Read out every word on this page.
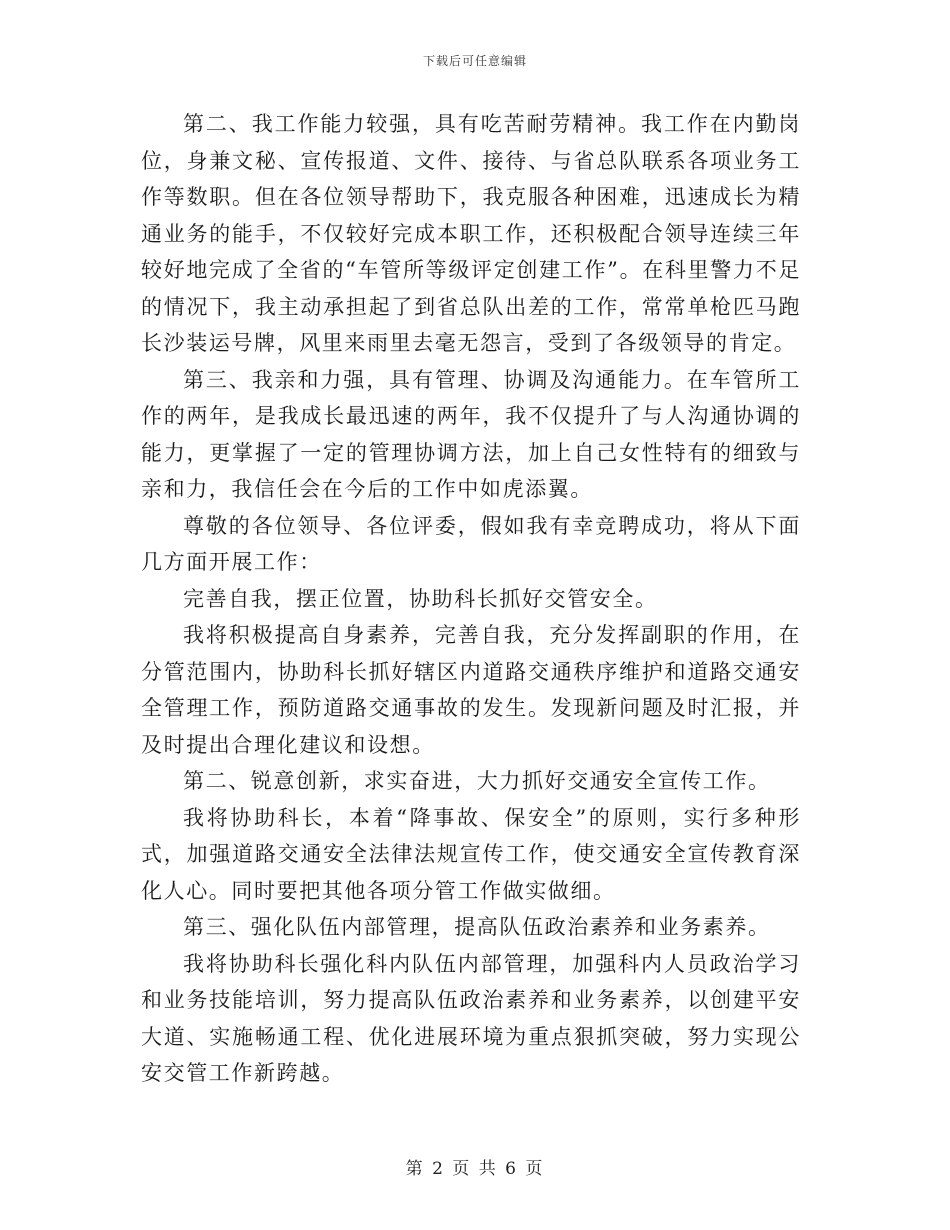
下载后可任意编辑

第二、我工作能力较强，具有吃苦耐劳精神。我工作在内勤岗位，身兼文秘、宣传报道、文件、接待、与省总队联系各项业务工作等数职。但在各位领导帮助下，我克服各种困难，迅速成长为精通业务的能手，不仅较好完成本职工作，还积极配合领导连续三年较好地完成了全省的“车管所等级评定创建工作”。在科里警力不足的情况下，我主动承担起了到省总队出差的工作，常常单枪匹马跑长沙装运号牌，风里来雨里去毫无怨言，受到了各级领导的肯定。

第三、我亲和力强，具有管理、协调及沟通能力。在车管所工作的两年，是我成长最迅速的两年，我不仅提升了与人沟通协调的能力，更掌握了一定的管理协调方法，加上自己女性特有的细致与亲和力，我信任会在今后的工作中如虎添翼。

尊敬的各位领导、各位评委，假如我有幸竞聘成功，将从下面几方面开展工作：

完善自我，摆正位置，协助科长抓好交管安全。

我将积极提高自身素养，完善自我，充分发挥副职的作用，在分管范围内，协助科长抓好辖区内道路交通秩序维护和道路交通安全管理工作，预防道路交通事故的发生。发现新问题及时汇报，并及时提出合理化建议和设想。

第二、锐意创新，求实奋进，大力抓好交通安全宣传工作。

我将协助科长，本着“降事故、保安全”的原则，实行多种形式，加强道路交通安全法律法规宣传工作，使交通安全宣传教育深化人心。同时要把其他各项分管工作做实做细。

第三、强化队伍内部管理，提高队伍政治素养和业务素养。

我将协助科长强化科内队伍内部管理，加强科内人员政治学习和业务技能培训，努力提高队伍政治素养和业务素养，以创建平安大道、实施畅通工程、优化进展环境为重点狠抓突破，努力实现公安交管工作新跨越。

第 2 页 共 6 页
